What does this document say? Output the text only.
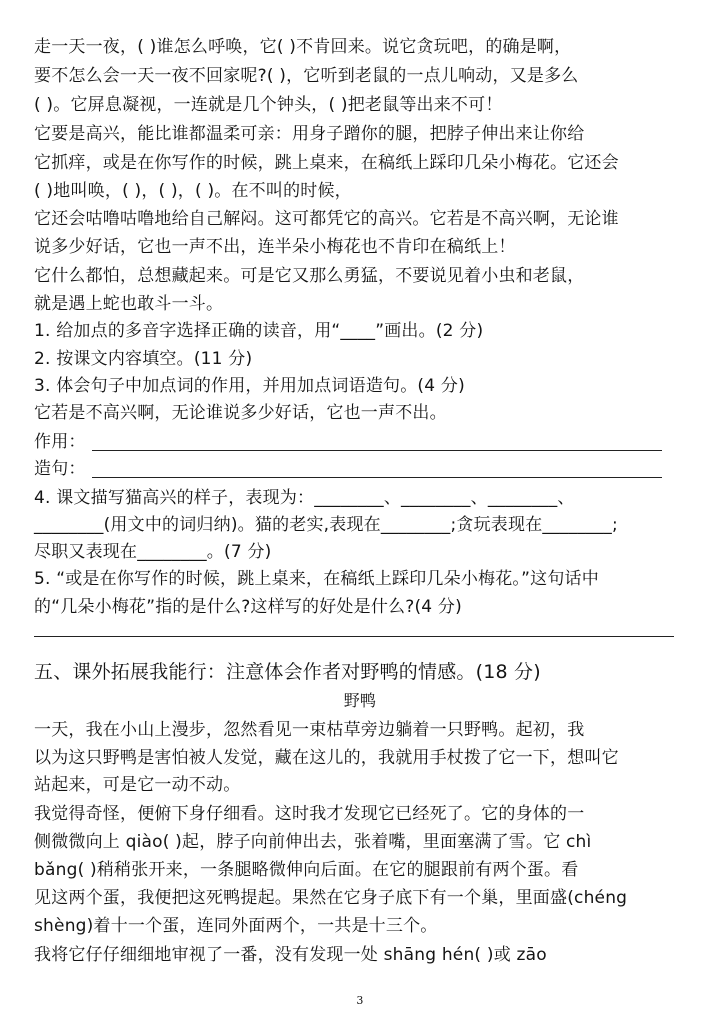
走一天一夜，( )谁怎么呼唤，它( )不肯回来。说它贪玩吧，的确是啊，
要不怎么会一天一夜不回家呢?( )，它听到老鼠的一点儿响动，又是多么
( )。它屏息凝视，一连就是几个钟头，( )把老鼠等出来不可！
它要是高兴，能比谁都温柔可亲：用身子蹭你的腿，把脖子伸出来让你给
它抓痒，或是在你写作的时候，跳上桌来，在稿纸上踩印几朵小梅花。它还会
( )地叫唤，( )，( )，( )。在不叫的时候，
它还会咕噜咕噜地给自己解闷。这可都凭它的高兴。它若是不高兴啊，无论谁
说多少好话，它也一声不出，连半朵小梅花也不肯印在稿纸上！
它什么都怕，总想藏起来。可是它又那么勇猛，不要说见着小虫和老鼠，
就是遇上蛇也敢斗一斗。
1. 给加点的多音字选择正确的读音，用“____”画出。(2 分)
2. 按课文内容填空。(11 分)
3. 体会句子中加点词的作用，并用加点词语造句。(4 分)
它若是不高兴啊，无论谁说多少好话，它也一声不出。
作用：
造句：
4. 课文描写猫高兴的样子，表现为：________、________、________、
________(用文中的词归纳)。猫的老实,表现在________;贪玩表现在________;
尽职又表现在________。(7 分)
5. “或是在你写作的时候，跳上桌来，在稿纸上踩印几朵小梅花。”这句话中
的“几朵小梅花”指的是什么?这样写的好处是什么?(4 分)
五、课外拓展我能行：注意体会作者对野鸭的情感。(18 分)
野鸭
一天，我在小山上漫步，忽然看见一束枯草旁边躺着一只野鸭。起初，我
以为这只野鸭是害怕被人发觉，藏在这儿的，我就用手杖拨了它一下，想叫它
站起来，可是它一动不动。
我觉得奇怪，便俯下身仔细看。这时我才发现它已经死了。它的身体的一
侧微微向上 qiào( )起，脖子向前伸出去，张着嘴，里面塞满了雪。它 chì
bǎng( )稍稍张开来，一条腿略微伸向后面。在它的腿跟前有两个蛋。看
见这两个蛋，我便把这死鸭提起。果然在它身子底下有一个巢，里面盛(chéng
shèng)着十一个蛋，连同外面两个，一共是十三个。
我将它仔仔细细地审视了一番，没有发现一处 shāng hén( )或 zāo
3
